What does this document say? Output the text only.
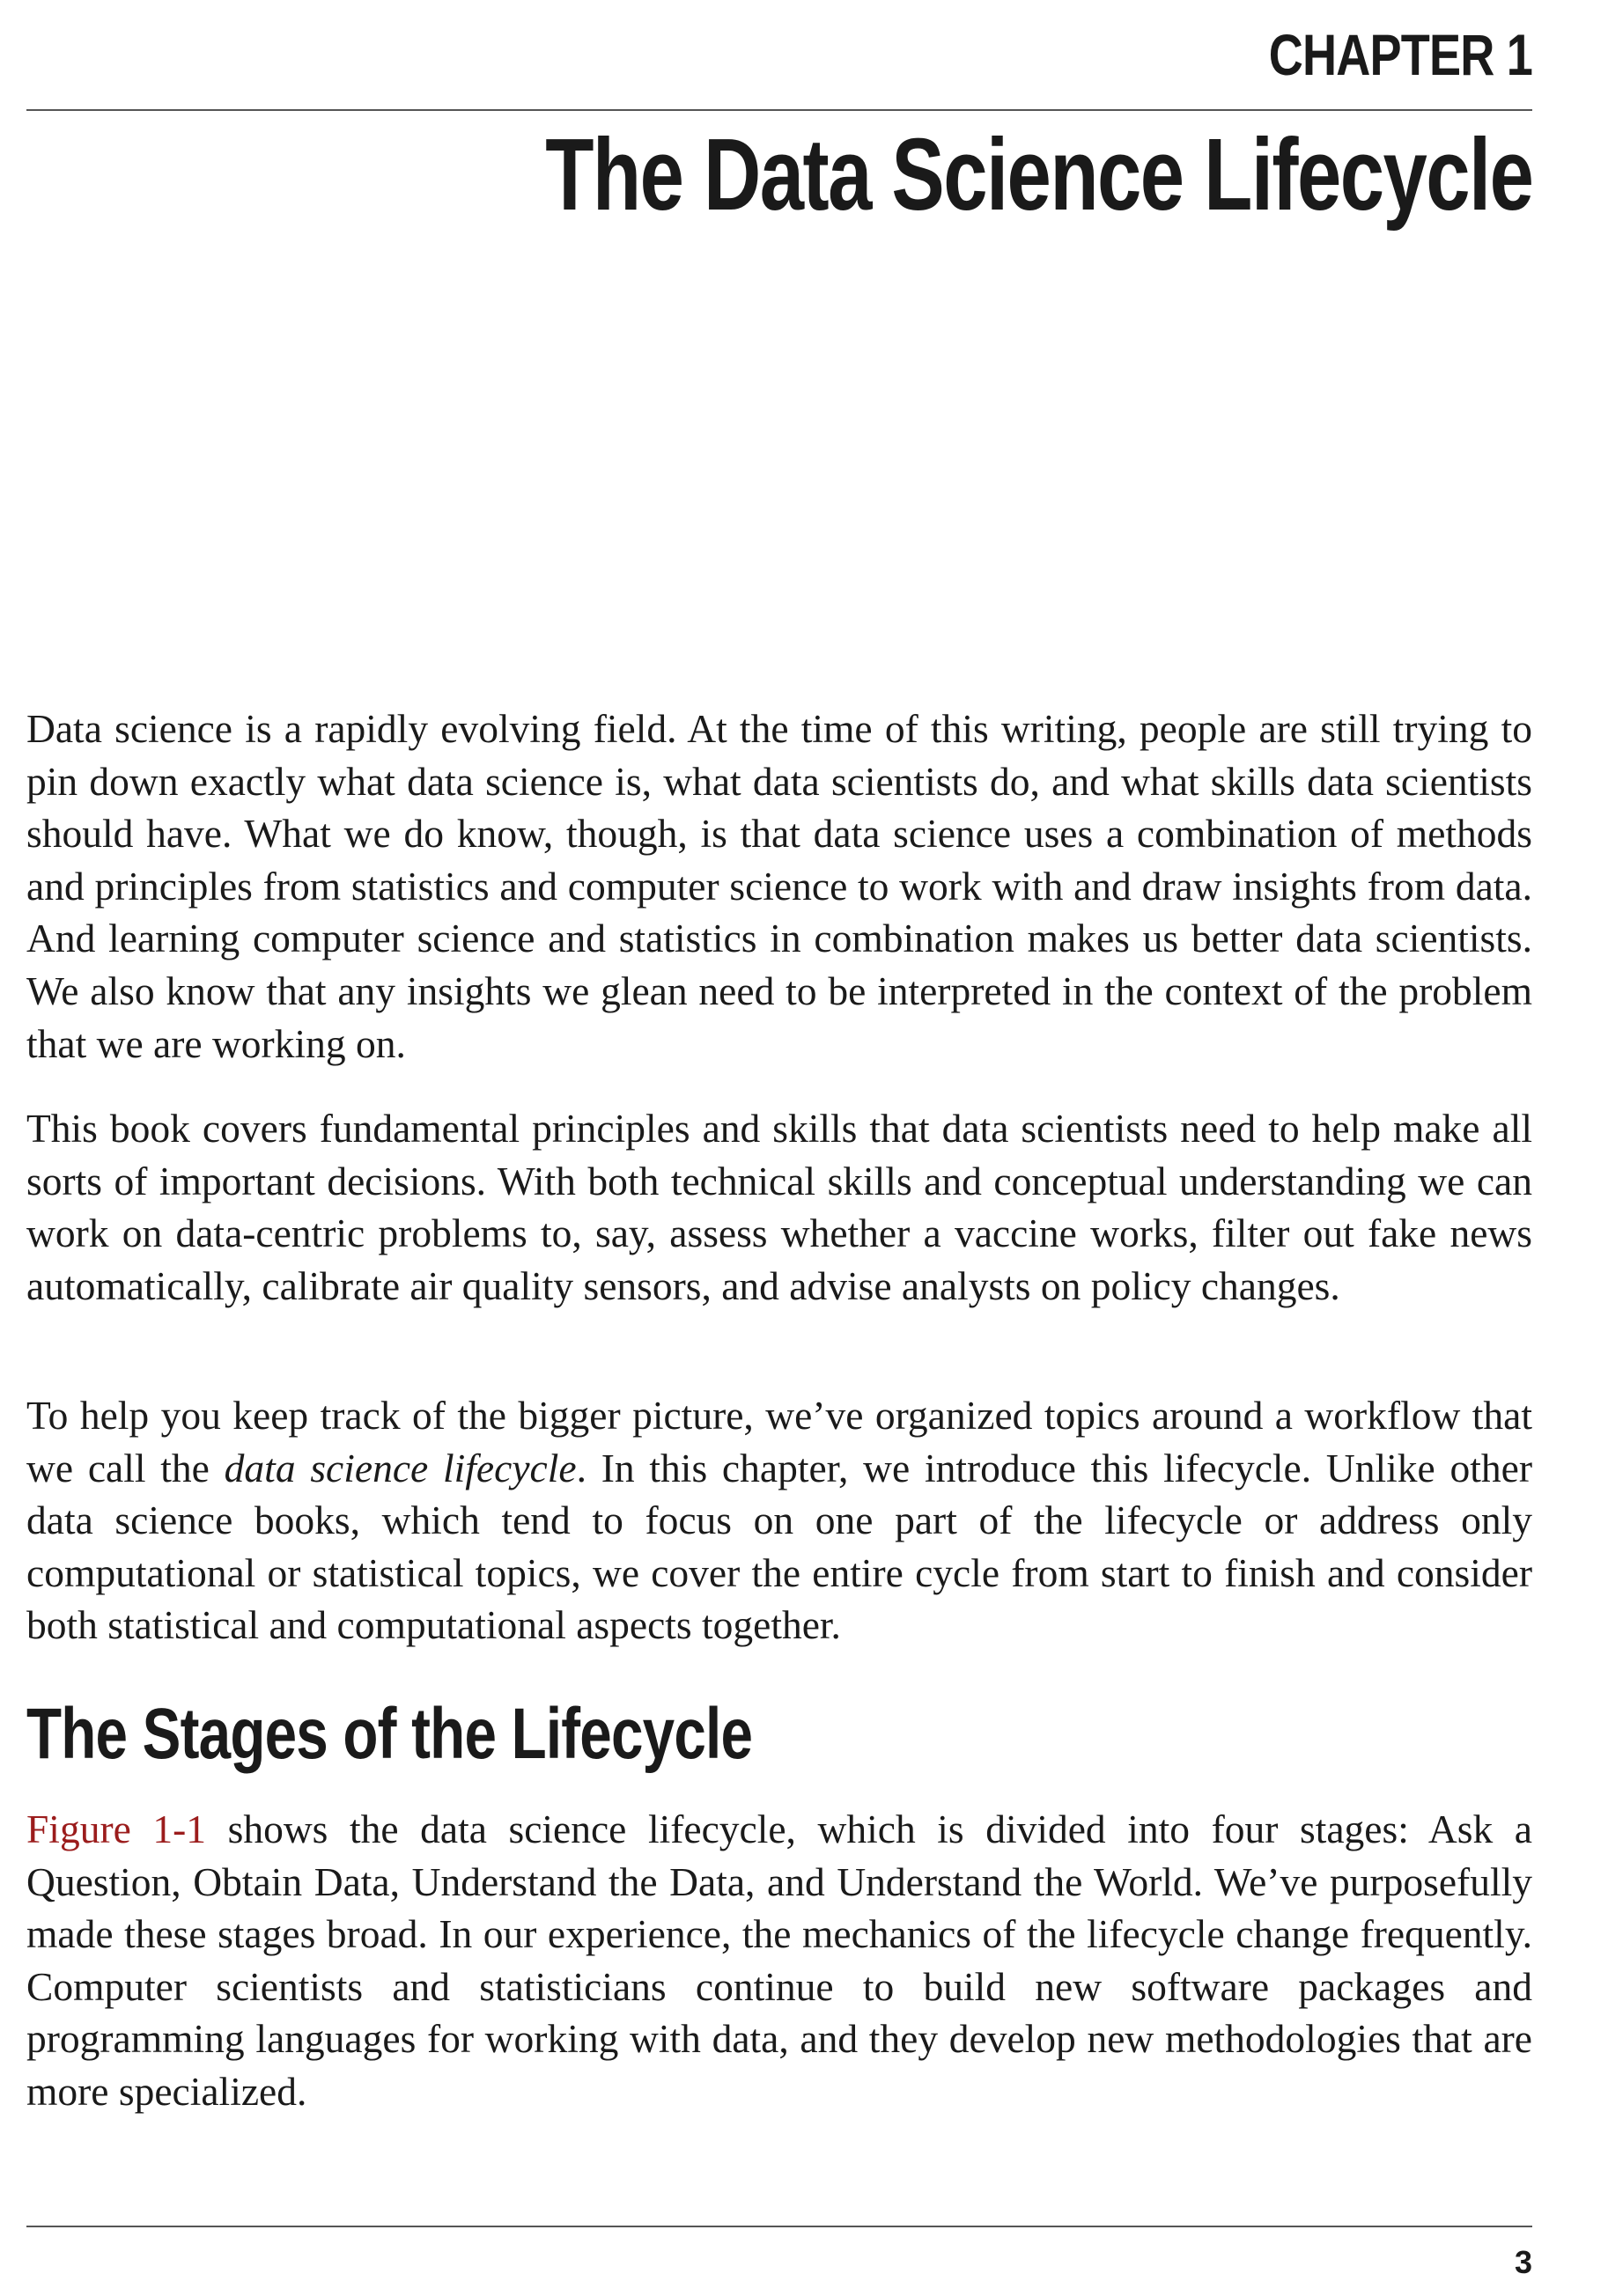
CHAPTER 1
The Data Science Lifecycle

Data science is a rapidly evolving field. At the time of this writing, people are still trying to pin down exactly what data science is, what data scientists do, and what skills data scientists should have. What we do know, though, is that data science uses a combination of methods and principles from statistics and computer science to work with and draw insights from data. And learning computer science and statistics in combination makes us better data scientists. We also know that any insights we glean need to be interpreted in the context of the problem that we are working on.

This book covers fundamental principles and skills that data scientists need to help make all sorts of important decisions. With both technical skills and conceptual understanding we can work on data-centric problems to, say, assess whether a vaccine works, filter out fake news automatically, calibrate air quality sensors, and advise analysts on policy changes.

To help you keep track of the bigger picture, we’ve organized topics around a workflow that we call the data science lifecycle. In this chapter, we introduce this lifecycle. Unlike other data science books, which tend to focus on one part of the lifecycle or address only computational or statistical topics, we cover the entire cycle from start to finish and consider both statistical and computational aspects together.

The Stages of the Lifecycle

Figure 1-1 shows the data science lifecycle, which is divided into four stages: Ask a Question, Obtain Data, Understand the Data, and Understand the World. We’ve purposefully made these stages broad. In our experience, the mechanics of the lifecycle change frequently. Computer scientists and statisticians continue to build new software packages and programming languages for working with data, and they develop new methodologies that are more specialized.

3
